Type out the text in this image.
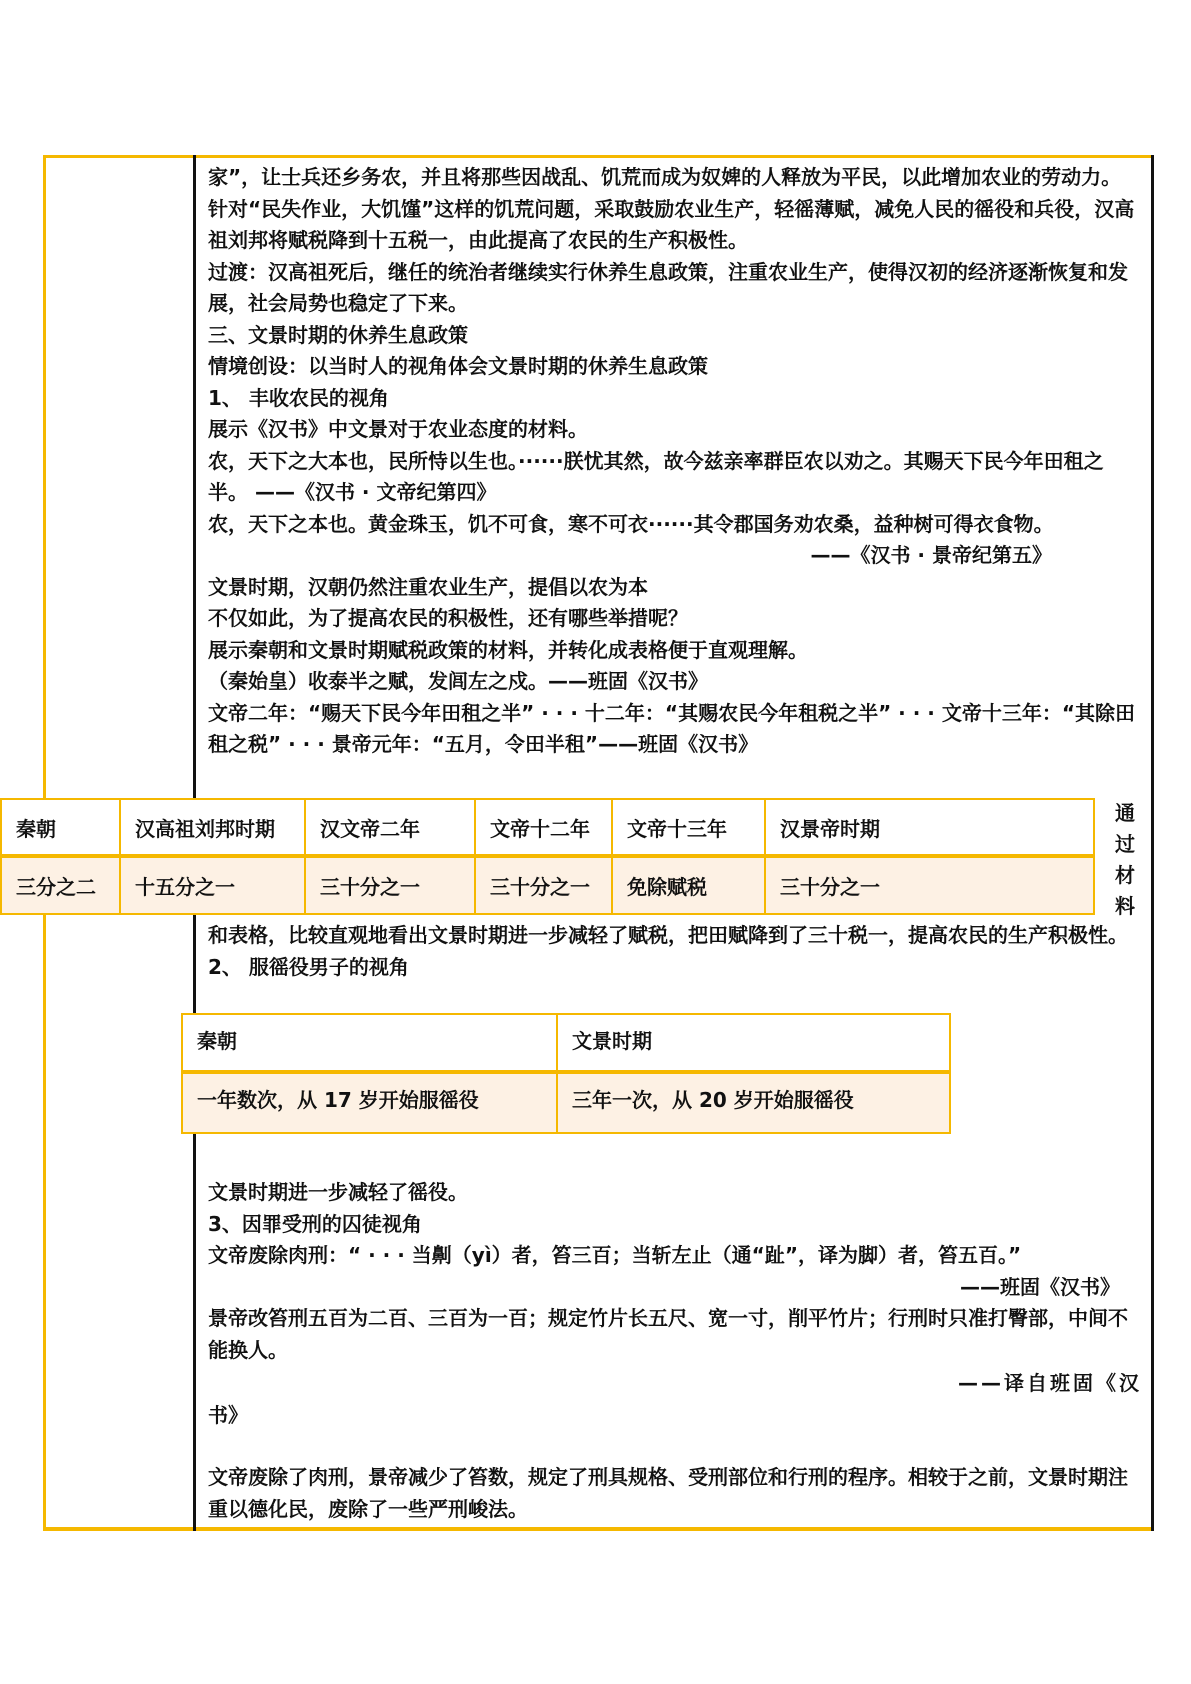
家”，让士兵还乡务农，并且将那些因战乱、饥荒而成为奴婢的人释放为平民，以此增加农业的劳动力。

针对“民失作业，大饥馑”这样的饥荒问题，采取鼓励农业生产，轻徭薄赋，减免人民的徭役和兵役，汉高祖刘邦将赋税降到十五税一，由此提高了农民的生产积极性。

过渡：汉高祖死后，继任的统治者继续实行休养生息政策，注重农业生产，使得汉初的经济逐渐恢复和发展，社会局势也稳定了下来。

三、文景时期的休养生息政策

情境创设：以当时人的视角体会文景时期的休养生息政策

1、 丰收农民的视角

展示《汉书》中文景对于农业态度的材料。

农，天下之大本也，民所恃以生也。······朕忧其然，故今兹亲率群臣农以劝之。其赐天下民今年田租之半。 ——《汉书 · 文帝纪第四》

农，天下之本也。黄金珠玉，饥不可食，寒不可衣······其令郡国务劝农桑，益种树可得衣食物。

——《汉书 · 景帝纪第五》

文景时期，汉朝仍然注重农业生产，提倡以农为本

不仅如此，为了提高农民的积极性，还有哪些举措呢？

展示秦朝和文景时期赋税政策的材料，并转化成表格便于直观理解。

（秦始皇）收泰半之赋，发闾左之戍。——班固《汉书》

文帝二年：“赐天下民今年田租之半” · · · 十二年：“其赐农民今年租税之半” · · · 文帝十三年：“其除田租之税” · · · 景帝元年：“五月，令田半租”——班固《汉书》

秦朝	汉高祖刘邦时期	汉文帝二年	文帝十二年	文帝十三年	汉景帝时期
三分之二	十五分之一	三十分之一	三十分之一	免除赋税	三十分之一
通
过
材
料

和表格，比较直观地看出文景时期进一步减轻了赋税，把田赋降到了三十税一，提高农民的生产积极性。

2、 服徭役男子的视角

秦朝	文景时期
一年数次，从 17 岁开始服徭役	三年一次，从 20 岁开始服徭役

文景时期进一步减轻了徭役。

3、因罪受刑的囚徒视角

文帝废除肉刑：“ · · · 当劓（yì）者，笞三百；当斩左止（通“趾”，译为脚）者，笞五百。”

——班固《汉书》

景帝改笞刑五百为二百、三百为一百；规定竹片长五尺、宽一寸，削平竹片；行刑时只准打臀部，中间不能换人。

——译自班固《汉

书》

文帝废除了肉刑，景帝减少了笞数，规定了刑具规格、受刑部位和行刑的程序。相较于之前，文景时期注重以德化民，废除了一些严刑峻法。
